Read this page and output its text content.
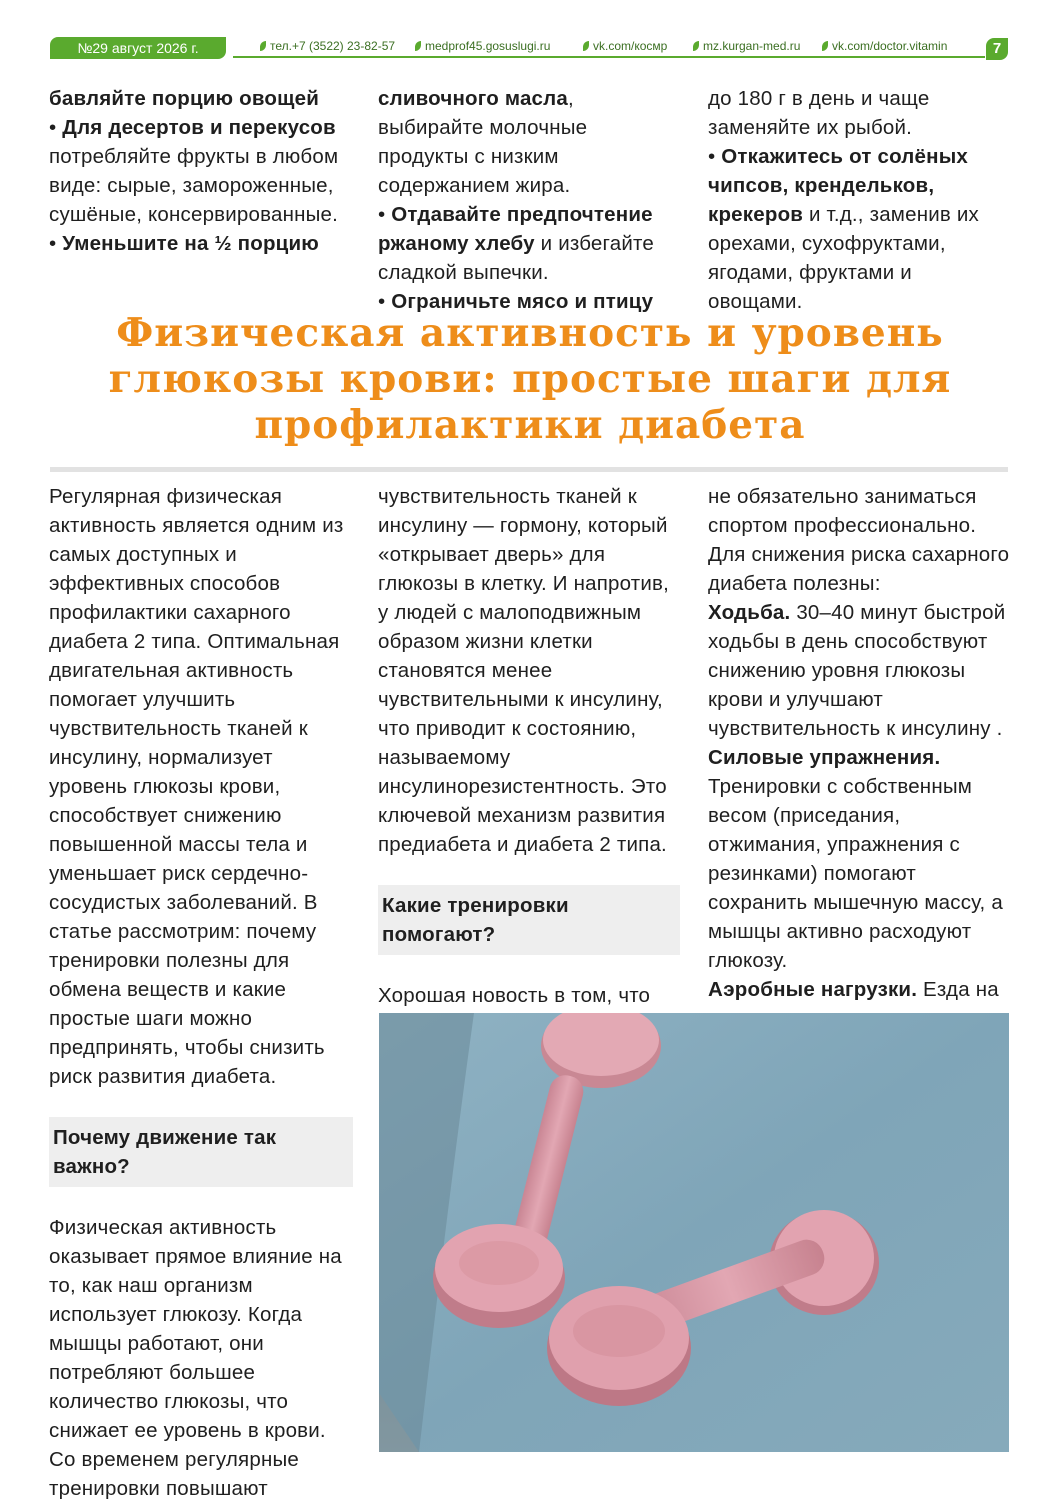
№29 август 2026 г.	тел.+7 (3522) 23-82-57	medprof45.gosuslugi.ru	vk.com/космр	mz.kurgan-med.ru	vk.com/doctor.vitamin	7

бавляйте порцию овощей

• Для десертов и перекусов потребляйте фрукты в любом виде: сырые, замороженные, сушёные, консервированные.

• Уменьшите на ½ порцию

сливочного масла, выбирайте молочные продукты с низким содержанием жира.

• Отдавайте предпочтение ржаному хлебу и избегайте сладкой выпечки.

• Ограничьте мясо и птицу

до 180 г в день и чаще заменяйте их рыбой.

• Откажитесь от солёных чипсов, крендельков, крекеров и т.д., заменив их орехами, сухофруктами, ягодами, фруктами и овощами.

Физическая активность и уровень
глюкозы крови: простые шаги для
профилактики диабета

Регулярная физическая активность является одним из самых доступных и эффективных способов профилактики сахарного диабета 2 типа. Оптимальная двигательная активность помогает улучшить чувствительность тканей к инсулину, нормализует уровень глюкозы крови, способствует снижению повышенной массы тела и уменьшает риск сердечно-сосудистых заболеваний. В статье рассмотрим: почему тренировки полезны для обмена веществ и какие простые шаги можно предпринять, чтобы снизить риск развития диабета.

Почему движение так важно?

Физическая активность оказывает прямое влияние на то, как наш организм использует глюкозу. Когда мышцы работают, они потребляют большее количество глюкозы, что снижает ее уровень в крови. Со временем регулярные тренировки повышают

чувствительность тканей к инсулину — гормону, который «открывает дверь» для глюкозы в клетку. И напротив, у людей с малоподвижным образом жизни клетки становятся менее чувствительными к инсулину, что приводит к состоянию, называемому инсулинорезистентность. Это ключевой механизм развития предиабета и диабета 2 типа.

Какие тренировки помогают?

Хорошая новость в том, что

не обязательно заниматься спортом профессионально. Для снижения риска сахарного диабета полезны:

Ходьба. 30–40 минут быстрой ходьбы в день способствуют снижению уровня глюкозы крови и улучшают чувствительность к инсулину .

Силовые упражнения. Тренировки с собственным весом (приседания, отжимания, упражнения с резинками) помогают сохранить мышечную массу, а мышцы активно расходуют глюкозу.

Аэробные нагрузки. Езда на
